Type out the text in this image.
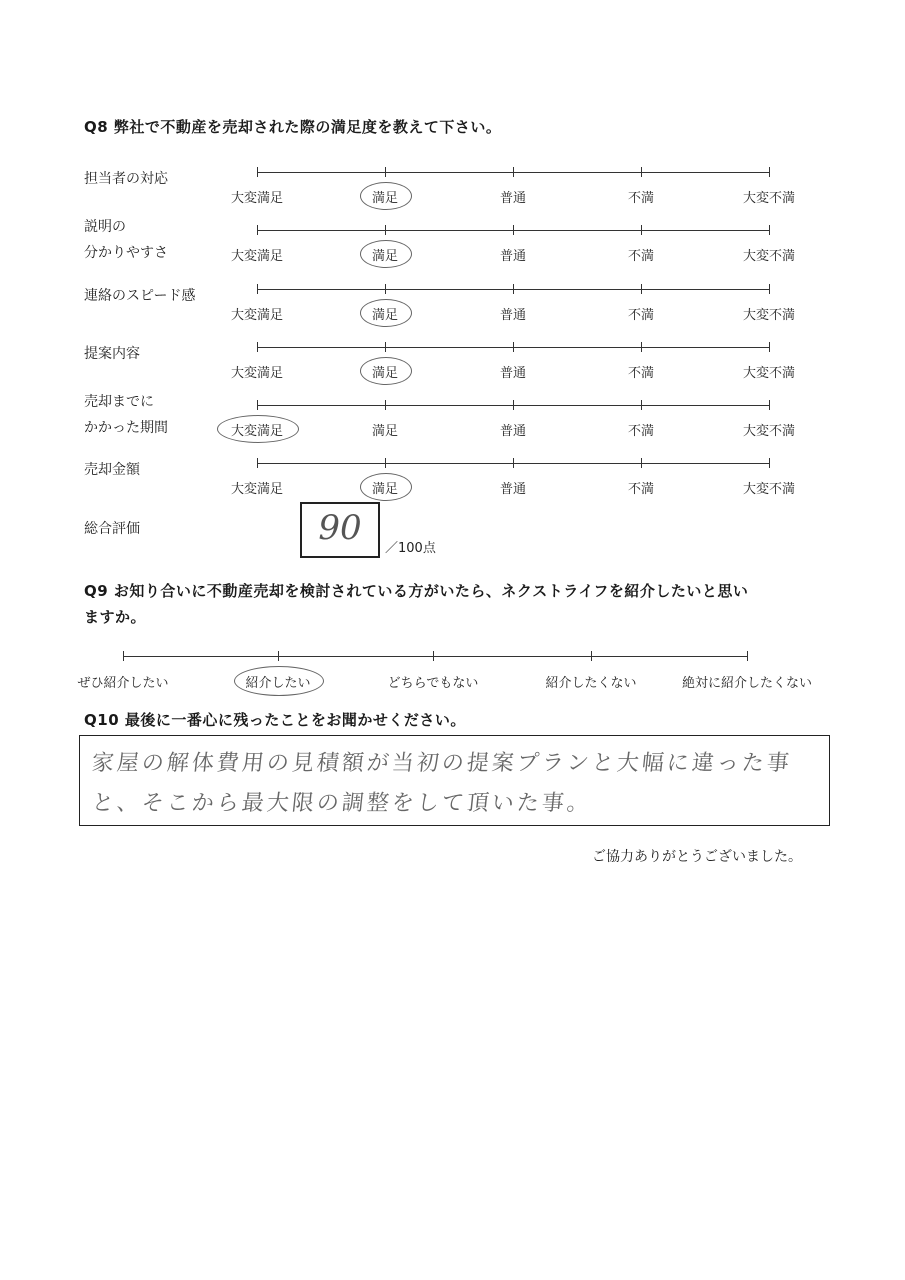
Q8 弊社で不動産を売却された際の満足度を教えて下さい。
担当者の対応
大変満足	満足	普通	不満	大変不満
説明の
分かりやすさ	大変満足	満足	普通	不満	大変不満
連絡のスピード感
大変満足	満足	普通	不満	大変不満
提案内容
大変満足	満足	普通	不満	大変不満
売却までに
かかった期間	大変満足	満足	普通	不満	大変不満
売却金額
大変満足	満足	普通	不満	大変不満
総合評価	90
／100点
Q9 お知り合いに不動産売却を検討されている方がいたら、ネクストライフを紹介したいと思い
ますか。
ぜひ紹介したい	紹介したい	どちらでもない	紹介したくない	絶対に紹介したくない
Q10 最後に一番心に残ったことをお聞かせください。
家屋の解体費用の見積額が当初の提案プランと大幅に違った事
と、そこから最大限の調整をして頂いた事。
ご協力ありがとうございました。
